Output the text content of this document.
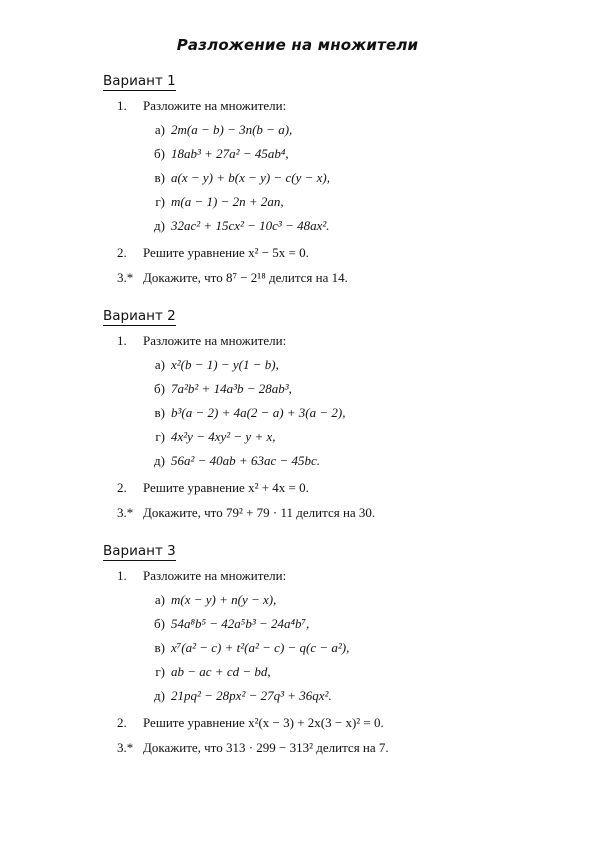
Разложение на множители
Вариант 1
1. Разложите на множители:
а) 2m(a − b) − 3n(b − a),
б) 18ab³ + 27a² − 45ab⁴,
в) a(x − y) + b(x − y) − c(y − x),
г) m(a − 1) − 2n + 2an,
д) 32ac² + 15cx² − 10c³ − 48ax².
2. Решите уравнение x² − 5x = 0.
3.* Докажите, что 8⁷ − 2¹⁸ делится на 14.
Вариант 2
1. Разложите на множители:
а) x²(b − 1) − y(1 − b),
б) 7a²b² + 14a³b − 28ab³,
в) b³(a − 2) + 4a(2 − a) + 3(a − 2),
г) 4x²y − 4xy² − y + x,
д) 56a² − 40ab + 63ac − 45bc.
2. Решите уравнение x² + 4x = 0.
3.* Докажите, что 79² + 79 · 11 делится на 30.
Вариант 3
1. Разложите на множители:
а) m(x − y) + n(y − x),
б) 54a⁸b⁵ − 42a⁵b³ − 24a⁴b⁷,
в) x⁷(a² − c) + t²(a² − c) − q(c − a²),
г) ab − ac + cd − bd,
д) 21pq² − 28px² − 27q³ + 36qx².
2. Решите уравнение x²(x − 3) + 2x(3 − x)² = 0.
3.* Докажите, что 313 · 299 − 313² делится на 7.
